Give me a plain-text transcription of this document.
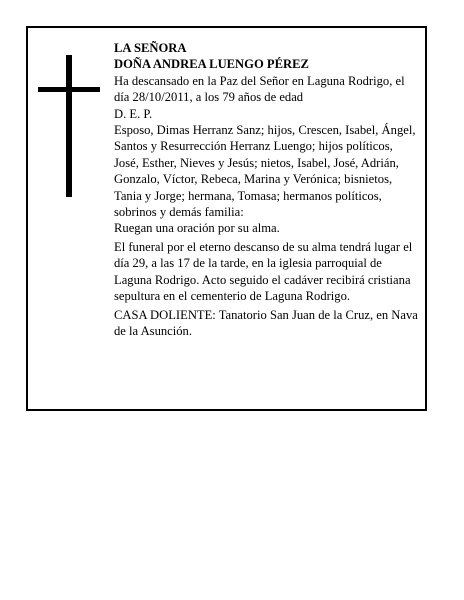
LA SEÑORA

DOÑA ANDREA LUENGO PÉREZ

Ha descansado en la Paz del Señor en Laguna Rodrigo, el día 28/10/2011, a los 79 años de edad

D. E. P.

Esposo, Dimas Herranz Sanz; hijos, Crescen, Isabel, Ángel, Santos y Resurrección Herranz Luengo; hijos políticos, José, Esther, Nieves y Jesús; nietos, Isabel, José, Adrián, Gonzalo, Víctor, Rebeca, Marina y Verónica; bisnietos, Tania y Jorge; hermana, Tomasa; hermanos políticos, sobrinos y demás familia:

Ruegan una oración por su alma.

El funeral por el eterno descanso de su alma tendrá lugar el día 29, a las 17 de la tarde, en la iglesia parroquial de Laguna Rodrigo. Acto seguido el cadáver recibirá cristiana sepultura en el cementerio de Laguna Rodrigo.

CASA DOLIENTE: Tanatorio San Juan de la Cruz, en Nava de la Asunción.
